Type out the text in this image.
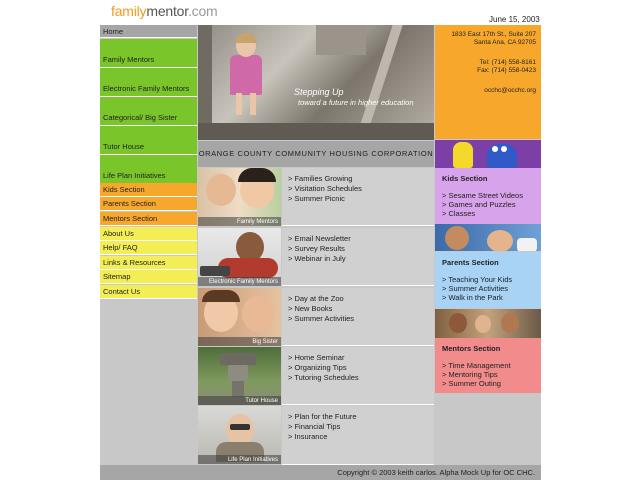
familymentor.com
June 15, 2003
Home
Family Mentors
Electronic Family Mentors
Categorical/ Big Sister
Tutor House
Life Plan Initiatives
Kids Section
Parents Section
Mentors Section
About Us
Help/ FAQ
Links & Resources
Sitemap
Contact Us
Stepping Up
toward a future in higher education
1833 East 17th St., Suite 207
Santa Ana, CA 92705
Tel: (714) 558-8161
Fax: (714) 558-0423
occhc@occhc.org
ORANGE COUNTY COMMUNITY HOUSING CORPORATION
Family Mentors
> Families Growing
> Visitation Schedules
> Summer Picnic
Electronic Family Mentors
> Email Newsletter
> Survey Results
> Webinar in July
Big Sister
> Day at the Zoo
> New Books
> Summer Activities
Tutor House
> Home Seminar
> Organizing Tips
> Tutoring Schedules
Life Plan Initiatives
> Plan for the Future
> Financial Tips
> Insurance
Kids Section
> Sesame Street Videos
> Games and Puzzles
> Classes
Parents Section
> Teaching Your Kids
> Summer Activities
> Walk in the Park
Mentors Section
> Time Management
> Mentoring Tips
> Summer Outing
Copyright © 2003 keith carlos. Alpha Mock Up for OC CHC.
